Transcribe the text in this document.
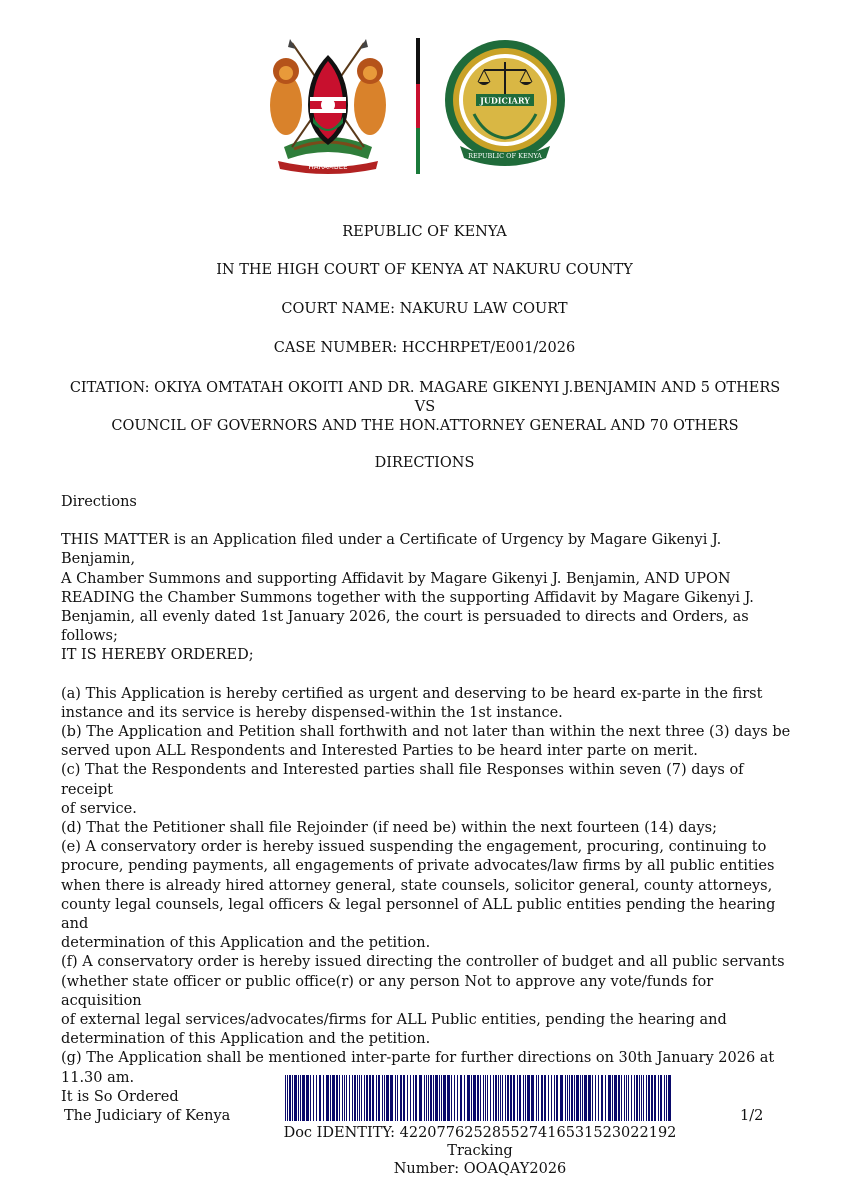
HARAMBEE
JUDICIARY
REPUBLIC OF KENYA
REPUBLIC OF KENYA
IN THE HIGH COURT OF KENYA AT NAKURU COUNTY
COURT NAME: NAKURU LAW COURT
CASE NUMBER: HCCHRPET/E001/2026
CITATION: OKIYA OMTATAH OKOITI AND DR. MAGARE GIKENYI J.BENJAMIN AND 5 OTHERS VS
COUNCIL OF GOVERNORS AND THE HON.ATTORNEY GENERAL AND 70 OTHERS
DIRECTIONS

Directions

THIS MATTER is an Application filed under a Certificate of Urgency by Magare Gikenyi J. Benjamin,

A Chamber Summons and supporting Affidavit by Magare Gikenyi J. Benjamin, AND UPON

READING the Chamber Summons together with the supporting Affidavit by Magare Gikenyi J.

Benjamin, all evenly dated 1st January 2026, the court is persuaded to directs and Orders, as

follows;

IT IS HEREBY ORDERED;

(a) This Application is hereby certified as urgent and deserving to be heard ex-parte in the first

instance and its service is hereby dispensed-within the 1st instance.

(b) The Application and Petition shall forthwith and not later than within the next three (3) days be

served upon ALL Respondents and Interested Parties to be heard inter parte on merit.

(c) That the Respondents and Interested parties shall file Responses within seven (7) days of receipt

of service.

(d) That the Petitioner shall file Rejoinder (if need be) within the next fourteen (14) days;

(e) A conservatory order is hereby issued suspending the engagement, procuring, continuing to

procure, pending payments, all engagements of private advocates/law firms by all public entities

when there is already hired attorney general, state counsels, solicitor general, county attorneys,

county legal counsels, legal officers & legal personnel of ALL public entities pending the hearing and

determination of this Application and the petition.

(f) A conservatory order is hereby issued directing the controller of budget and all public servants

(whether state officer or public office(r) or any person Not to approve any vote/funds for acquisition

of external legal services/advocates/firms for ALL Public entities, pending the hearing and

determination of this Application and the petition.

(g) The Application shall be mentioned inter-parte for further directions on 30th January 2026 at

11.30 am.

It is So Ordered

The Judiciary of Kenya	1/2
Doc IDENTITY: 422077625285527416531523022192 Tracking
Number: OOAQAY2026
